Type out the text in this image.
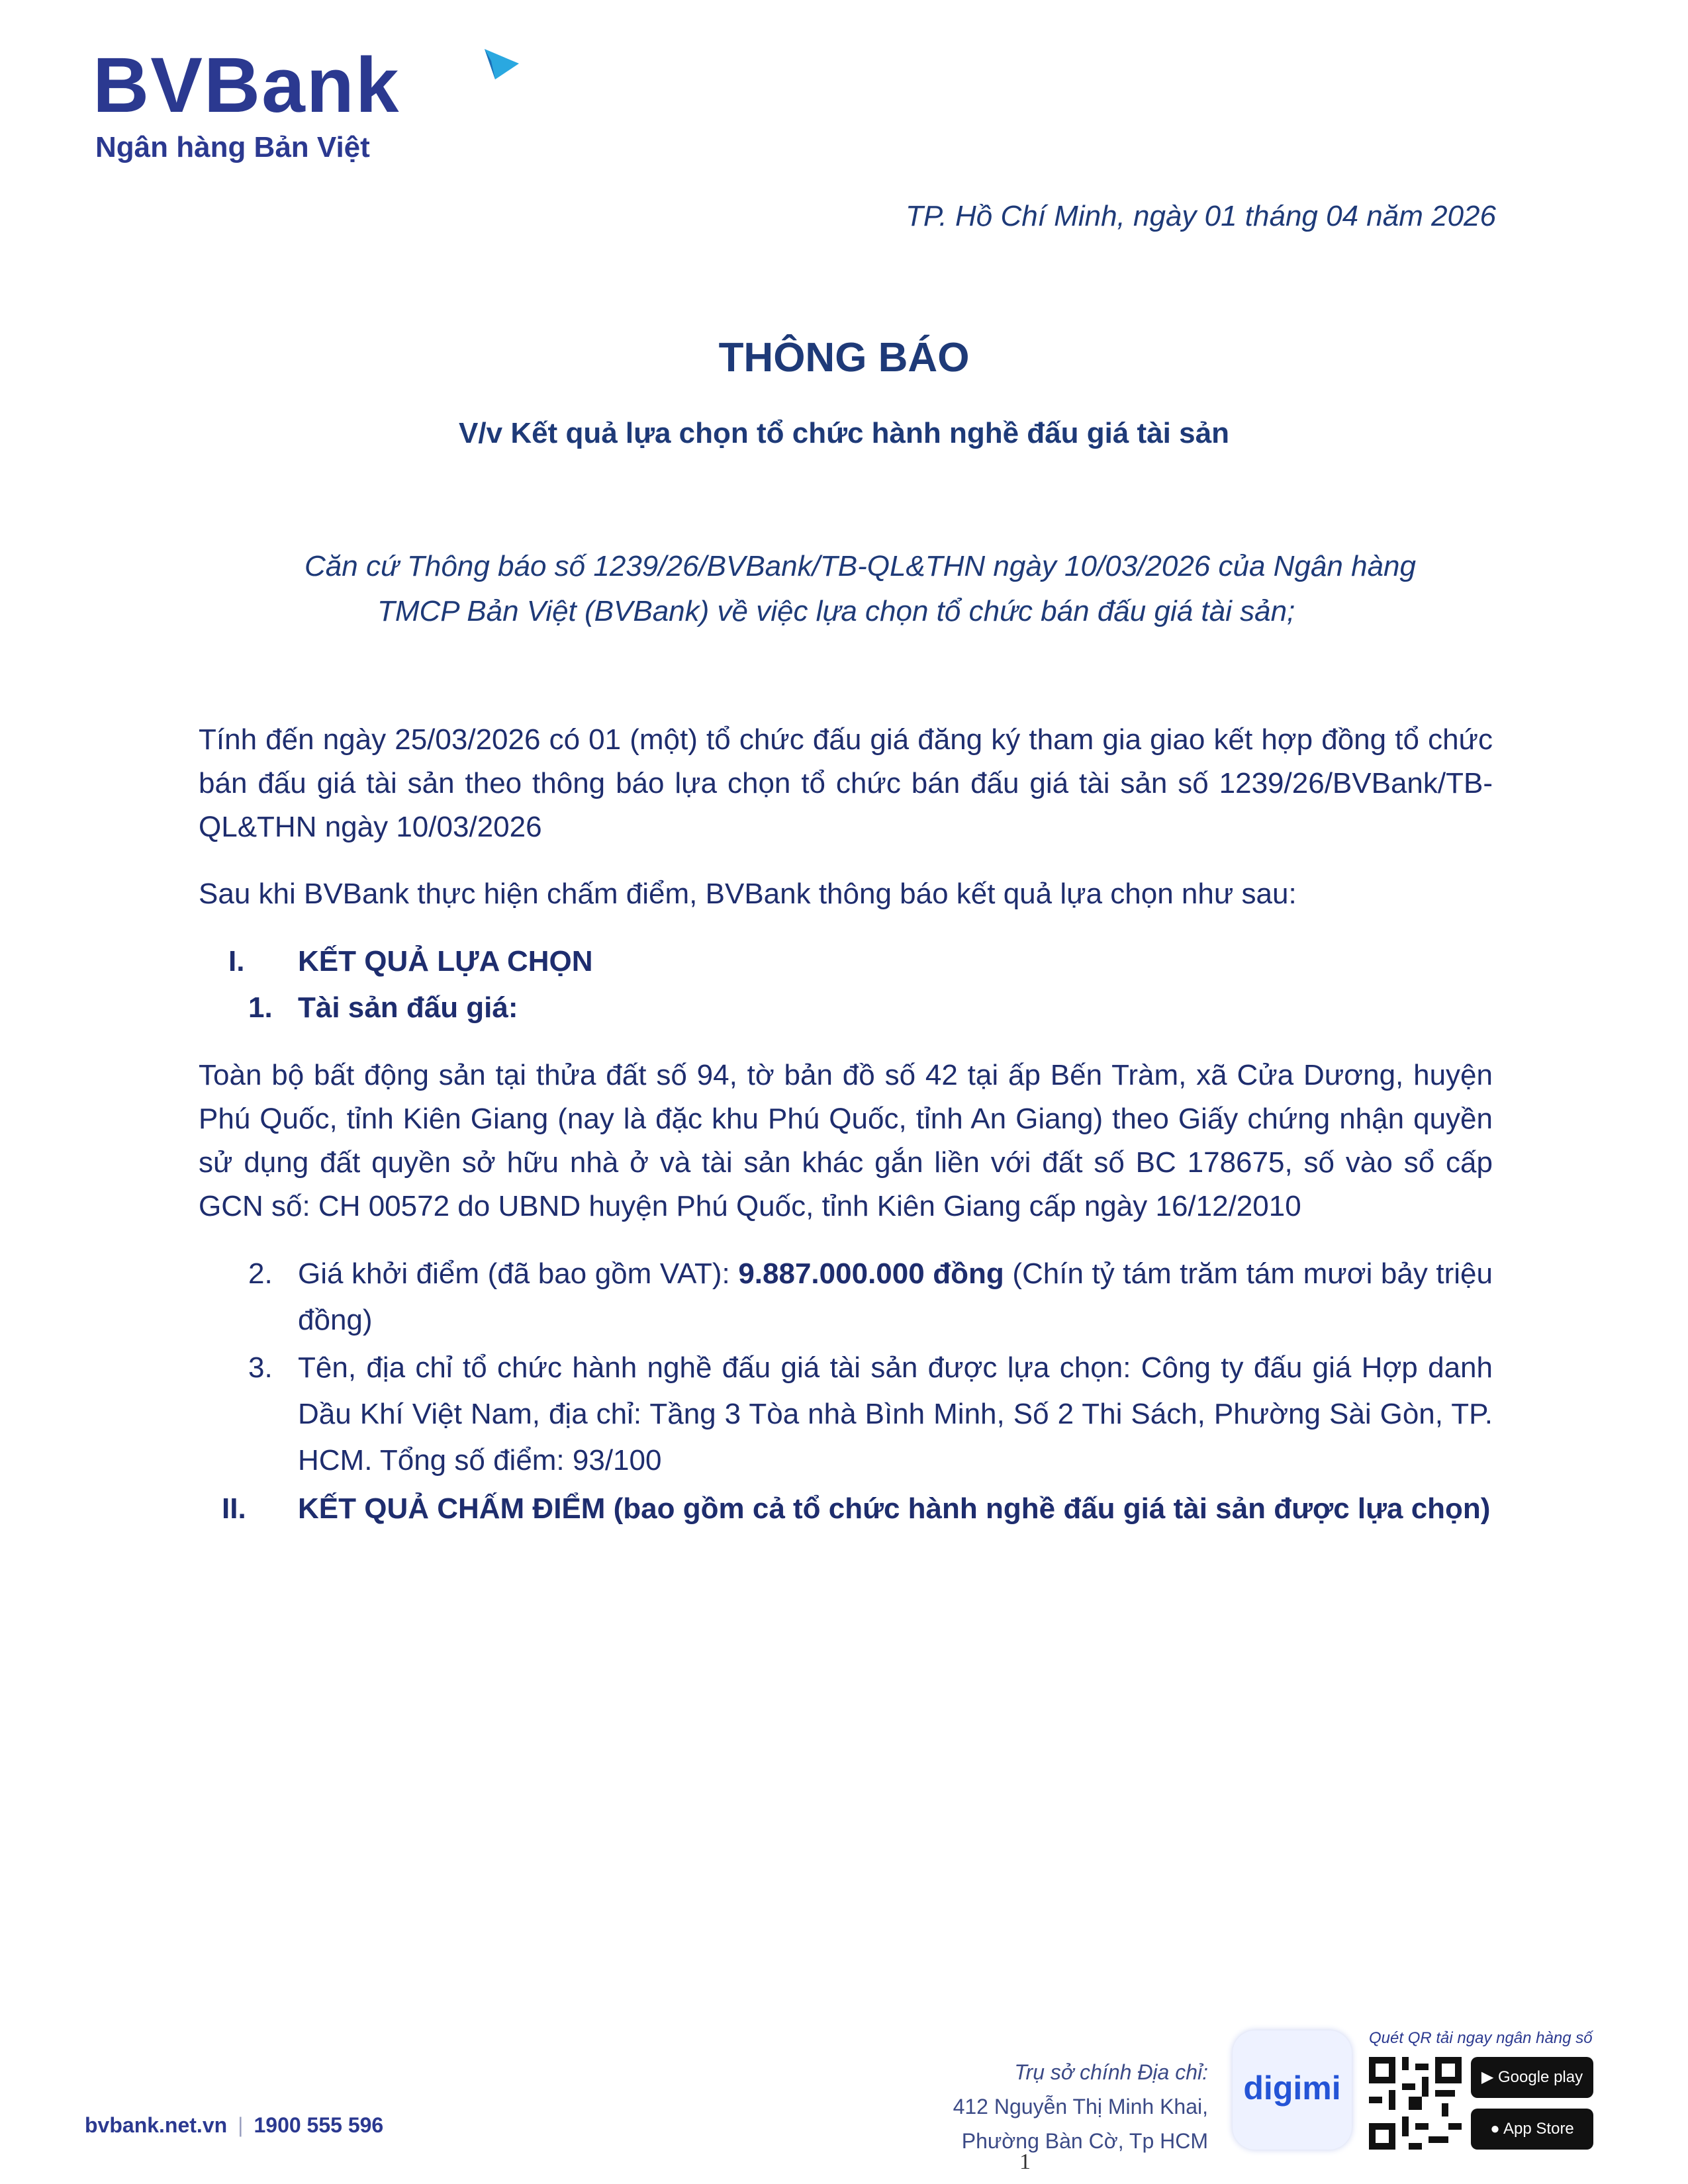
BVBank
Ngân hàng Bản Việt
TP. Hồ Chí Minh, ngày 01 tháng 04 năm 2026
THÔNG BÁO
V/v Kết quả lựa chọn tổ chức hành nghề đấu giá tài sản
Căn cứ Thông báo số 1239/26/BVBank/TB-QL&THN ngày 10/03/2026 của Ngân hàng
TMCP Bản Việt (BVBank) về việc lựa chọn tổ chức bán đấu giá tài sản;
Tính đến ngày 25/03/2026 có 01 (một) tổ chức đấu giá đăng ký tham gia giao kết hợp đồng tổ chức bán đấu giá tài sản theo thông báo lựa chọn tổ chức bán đấu giá tài sản số 1239/26/BVBank/TB-QL&THN ngày 10/03/2026
Sau khi BVBank thực hiện chấm điểm, BVBank thông báo kết quả lựa chọn như sau:
I. KẾT QUẢ LỰA CHỌN
1. Tài sản đấu giá:
Toàn bộ bất động sản tại thửa đất số 94, tờ bản đồ số 42 tại ấp Bến Tràm, xã Cửa Dương, huyện Phú Quốc, tỉnh Kiên Giang (nay là đặc khu Phú Quốc, tỉnh An Giang) theo Giấy chứng nhận quyền sử dụng đất quyền sở hữu nhà ở và tài sản khác gắn liền với đất số BC 178675, số vào sổ cấp GCN số: CH 00572 do UBND huyện Phú Quốc, tỉnh Kiên Giang cấp ngày 16/12/2010
2. Giá khởi điểm (đã bao gồm VAT): 9.887.000.000 đồng (Chín tỷ tám trăm tám mươi bảy triệu đồng)
3. Tên, địa chỉ tổ chức hành nghề đấu giá tài sản được lựa chọn: Công ty đấu giá Hợp danh Dầu Khí Việt Nam, địa chỉ: Tầng 3 Tòa nhà Bình Minh, Số 2 Thi Sách, Phường Sài Gòn, TP. HCM. Tổng số điểm: 93/100
II. KẾT QUẢ CHẤM ĐIỂM (bao gồm cả tổ chức hành nghề đấu giá tài sản được lựa chọn)
bvbank.net.vn | 1900 555 596
Trụ sở chính Địa chỉ:
412 Nguyễn Thị Minh Khai,
Phường Bàn Cờ, Tp HCM
digimi
Quét QR tải ngay ngân hàng số
▶ Google play
● App Store
1
